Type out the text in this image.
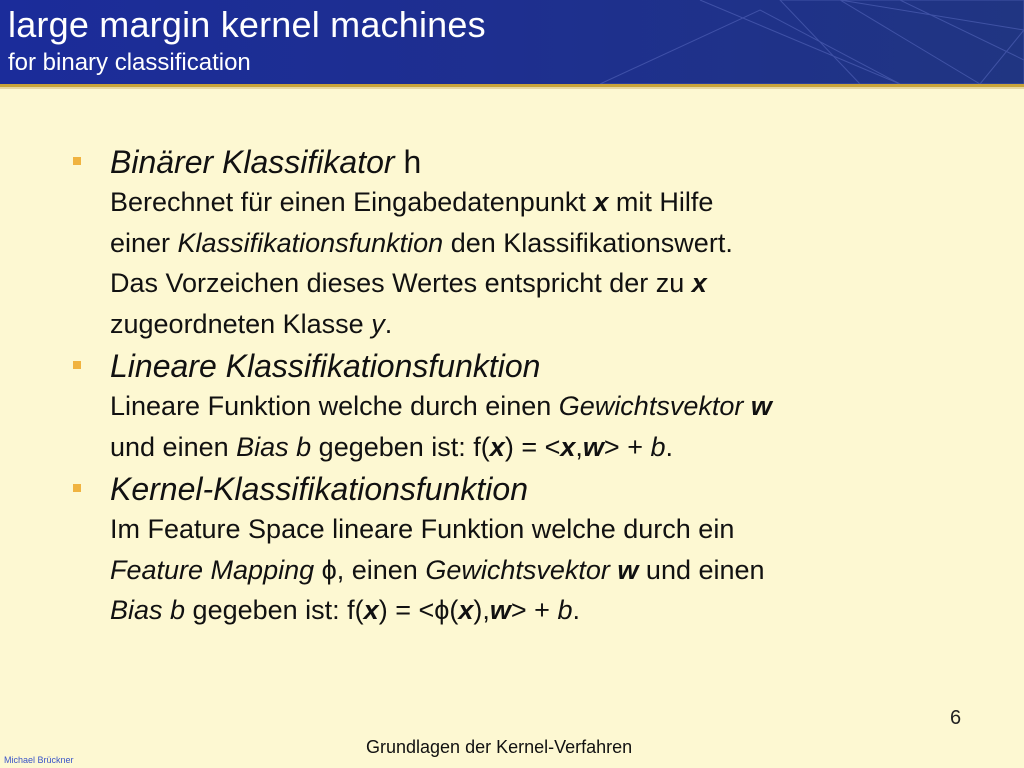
large margin kernel machines
for binary classification
Binärer Klassifikator h
Berechnet für einen Eingabedatenpunkt x mit Hilfe
einer Klassifikationsfunktion den Klassifikationswert.
Das Vorzeichen dieses Wertes entspricht der zu x
zugeordneten Klasse y.
Lineare Klassifikationsfunktion
Lineare Funktion welche durch einen Gewichtsvektor w
und einen Bias b gegeben ist: f(x) = <x,w> + b.
Kernel-Klassifikationsfunktion
Im Feature Space lineare Funktion welche durch ein
Feature Mapping ϕ, einen Gewichtsvektor w und einen
Bias b gegeben ist: f(x) = <ϕ(x),w> + b.
6
Grundlagen der Kernel-Verfahren
Michael Brückner
